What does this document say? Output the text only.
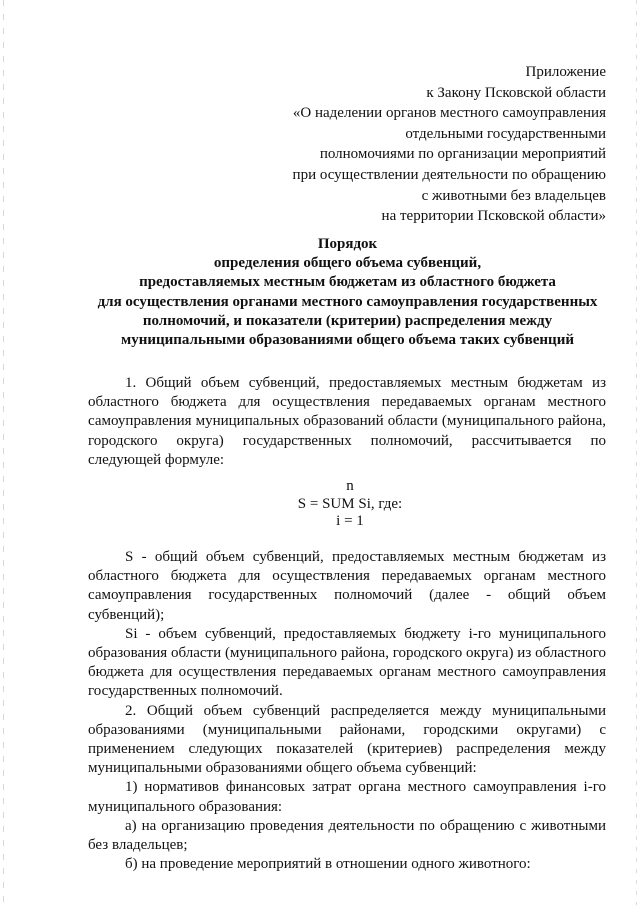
Приложение
к Закону Псковской области
«О наделении органов местного самоуправления
отдельными государственными
полномочиями по организации мероприятий
при осуществлении деятельности по обращению
с животными без владельцев
на территории Псковской области»
Порядок
определения общего объема субвенций,
предоставляемых местным бюджетам из областного бюджета
для осуществления органами местного самоуправления государственных
полномочий, и показатели (критерии) распределения между
муниципальными образованиями общего объема таких субвенций

1. Общий объем субвенций, предоставляемых местным бюджетам из областного бюджета для осуществления передаваемых органам местного самоуправления муниципальных образований области (муниципального района, городского округа) государственных полномочий, рассчитывается по следующей формуле:

n
S = SUM Si, где:
i = 1

S - общий объем субвенций, предоставляемых местным бюджетам из областного бюджета для осуществления передаваемых органам местного самоуправления государственных полномочий (далее - общий объем субвенций);

Si - объем субвенций, предоставляемых бюджету i-го муниципального образования области (муниципального района, городского округа) из областного бюджета для осуществления передаваемых органам местного самоуправления государственных полномочий.

2. Общий объем субвенций распределяется между муниципальными образованиями (муниципальными районами, городскими округами) с применением следующих показателей (критериев) распределения между муниципальными образованиями общего объема субвенций:

1) нормативов финансовых затрат органа местного самоуправления i-го муниципального образования:

а) на организацию проведения деятельности по обращению с животными без владельцев;

б) на проведение мероприятий в отношении одного животного:
